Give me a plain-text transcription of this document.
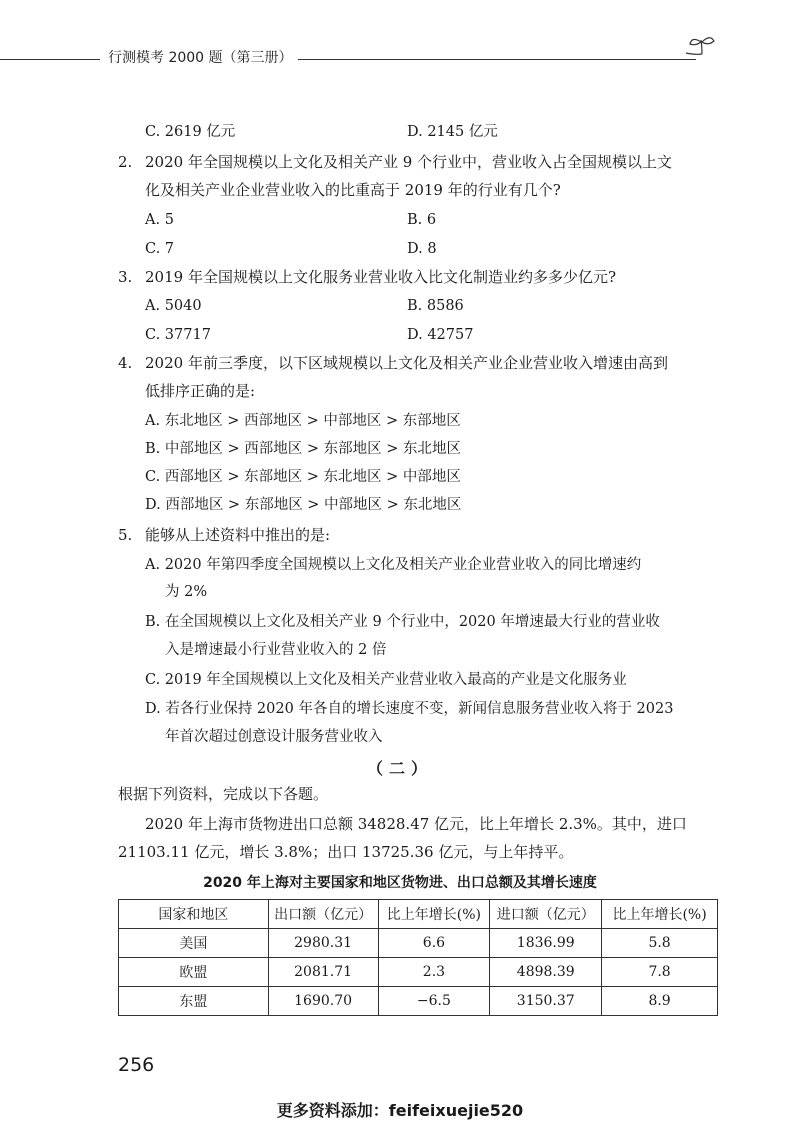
行测模考 2000 题（第三册）
C. 2619 亿元	D. 2145 亿元
2. 2020 年全国规模以上文化及相关产业 9 个行业中，营业收入占全国规模以上文
化及相关产业企业营业收入的比重高于 2019 年的行业有几个?
A. 5	B. 6
C. 7	D. 8
3. 2019 年全国规模以上文化服务业营业收入比文化制造业约多多少亿元?
A. 5040	B. 8586
C. 37717	D. 42757
4. 2020 年前三季度，以下区域规模以上文化及相关产业企业营业收入增速由高到
低排序正确的是:
A. 东北地区 > 西部地区 > 中部地区 > 东部地区
B. 中部地区 > 西部地区 > 东部地区 > 东北地区
C. 西部地区 > 东部地区 > 东北地区 > 中部地区
D. 西部地区 > 东部地区 > 中部地区 > 东北地区
5. 能够从上述资料中推出的是:
A. 2020 年第四季度全国规模以上文化及相关产业企业营业收入的同比增速约
为 2%
B. 在全国规模以上文化及相关产业 9 个行业中，2020 年增速最大行业的营业收
入是增速最小行业营业收入的 2 倍
C. 2019 年全国规模以上文化及相关产业营业收入最高的产业是文化服务业
D. 若各行业保持 2020 年各自的增长速度不变，新闻信息服务营业收入将于 2023
年首次超过创意设计服务营业收入
（二）
根据下列资料，完成以下各题。
2020 年上海市货物进出口总额 34828.47 亿元，比上年增长 2.3%。其中，进口
21103.11 亿元，增长 3.8%；出口 13725.36 亿元，与上年持平。
2020 年上海对主要国家和地区货物进、出口总额及其增长速度
国家和地区	出口额（亿元）	比上年增长(%)	进口额（亿元）	比上年增长(%)
美国	2980.31	6.6	1836.99	5.8
欧盟	2081.71	2.3	4898.39	7.8
东盟	1690.70	−6.5	3150.37	8.9
256
更多资料添加：feifeixuejie520
